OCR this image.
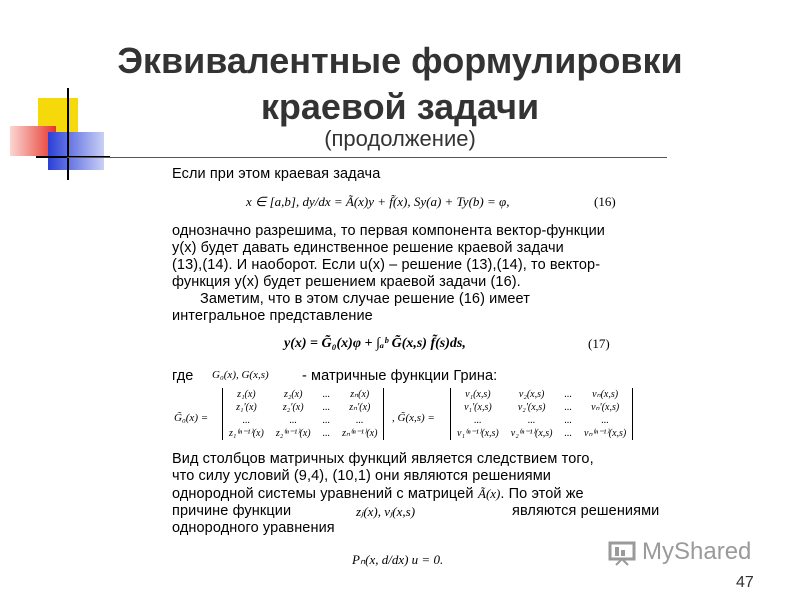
Эквивалентные формулировки
краевой задачи
(продолжение)
Если при этом краевая задача
x ∈ [a,b], dy/dx = Ã(x)y + f̃(x), Sy(a) + Ty(b) = φ,	(16)
однозначно разрешима, то первая компонента вектор-функции
y(x) будет давать единственное решение краевой задачи
(13),(14). И наоборот. Если u(x) – решение (13),(14), то вектор-
функция y(x) будет решением краевой задачи (16).
Заметим, что в этом случае решение (16) имеет
интегральное представление
y(x) = G̃₀(x)φ + ∫ₐᵇ G̃(x,s) f̃(s)ds,	(17)
где G₀(x), G(x,s) - матричные функции Грина:
G̃₀(x) =
z₁(x)	z₂(x)	...	zₙ(x)
z₁′(x)	z₂′(x)	...	zₙ′(x)
...	...	...	...
z₁⁽ⁿ⁻¹⁾(x)	z₂⁽ⁿ⁻¹⁾(x)	...	zₙ⁽ⁿ⁻¹⁾(x)
, G̃(x,s) =
v₁(x,s)	v₂(x,s)	...	vₙ(x,s)
v₁′(x,s)	v₂′(x,s)	...	vₙ′(x,s)
...	...	...	...
v₁⁽ⁿ⁻¹⁾(x,s)	v₂⁽ⁿ⁻¹⁾(x,s)	...	vₙ⁽ⁿ⁻¹⁾(x,s)
Вид столбцов матричных функций является следствием того,
что силу условий (9,4), (10,1) они являются решениями
однородной системы уравнений с матрицей Ã(x). По этой же
причине функции	zⱼ(x), vⱼ(x,s)	являются решениями
однородного уравнения
Pₙ(x, d/dx) u = 0.	MyShared
47
